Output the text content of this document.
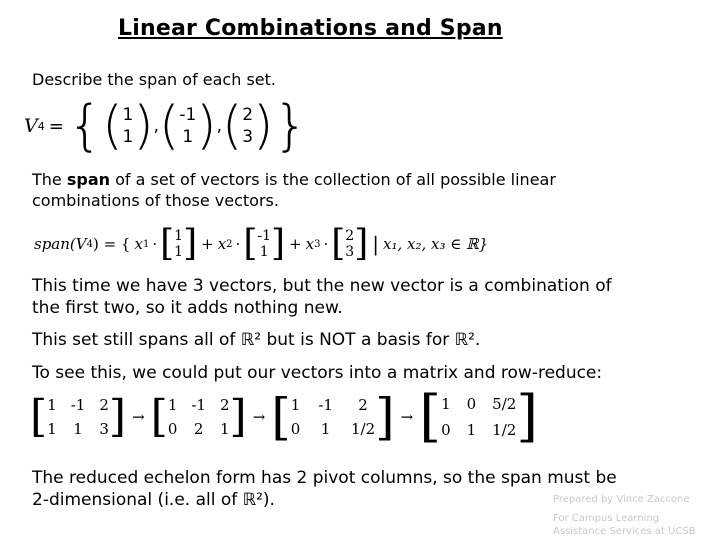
Linear Combinations and Span
Describe the span of each set.
V 4 = { ( 1
1 ) , ( -1
1 ) , ( 2
3 ) }
The span of a set of vectors is the collection of all possible linear
combinations of those vectors.
span(V 4 ) = { x 1 · [ 1
1 ] + x 2 · [ -1
1 ] + x 3 · [ 2
3 ] | x₁, x₂, x₃ ∈ ℝ}
This time we have 3 vectors, but the new vector is a combination of
the first two, so it adds nothing new.
This set still spans all of ℝ² but is NOT a basis for ℝ².
To see this, we could put our vectors into a matrix and row-reduce:
[ 1 -1 2
1 1 3 ] → [ 1 -1 2
0 2 1 ] → [ 1 -1	2
0 1 1/2 ] → [ 1 0 5/2
0 1 1/2 ]
The reduced echelon form has 2 pivot columns, so the span must be
2-dimensional (i.e. all of ℝ²).	Prepared by Vince Zaccone
For Campus Learning
Assistance Services at UCSB
